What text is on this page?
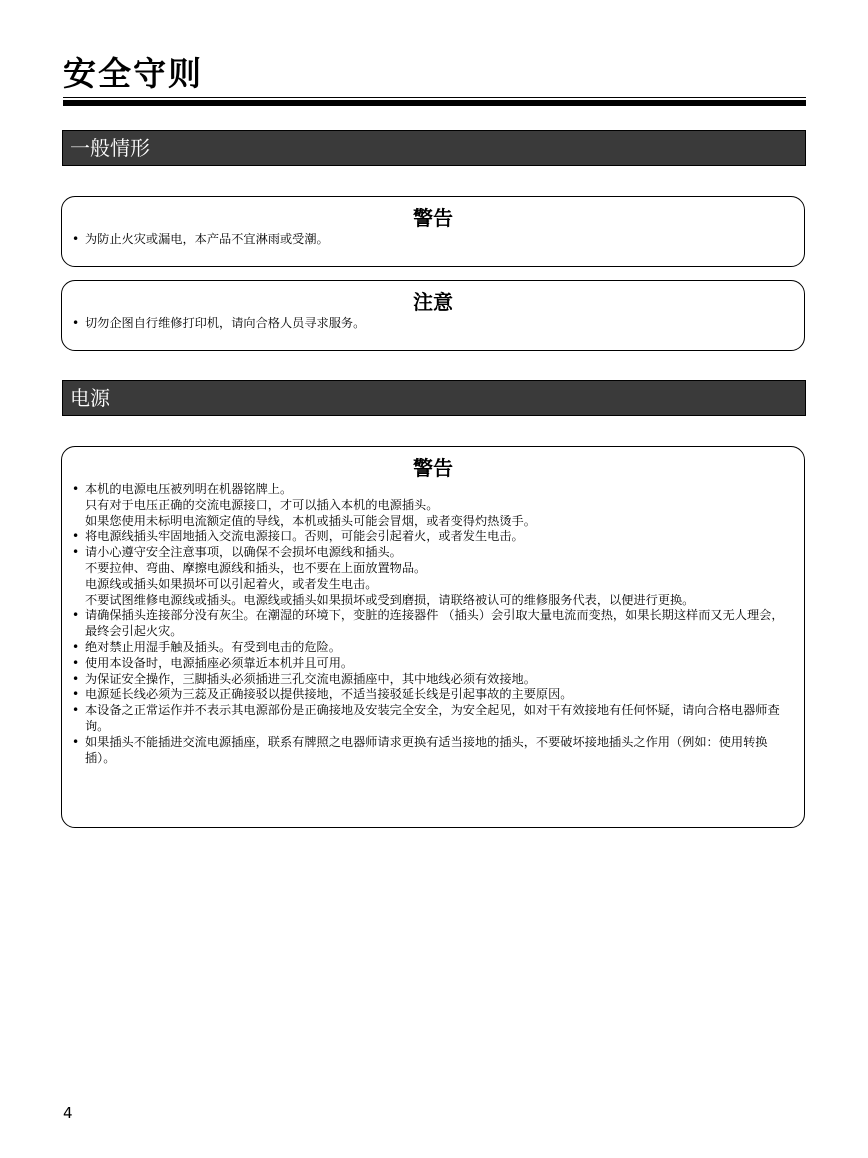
安全守则
一般情形
警告
• 为防止火灾或漏电，本产品不宜淋雨或受潮。
注意
• 切勿企图自行维修打印机，请向合格人员寻求服务。
电源
警告
• 本机的电源电压被列明在机器铭牌上。
只有对于电压正确的交流电源接口，才可以插入本机的电源插头。
如果您使用未标明电流额定值的导线，本机或插头可能会冒烟，或者变得灼热烫手。
• 将电源线插头牢固地插入交流电源接口。否则，可能会引起着火，或者发生电击。
• 请小心遵守安全注意事项，以确保不会损坏电源线和插头。
不要拉伸、弯曲、摩擦电源线和插头，也不要在上面放置物品。
电源线或插头如果损坏可以引起着火，或者发生电击。
不要试图维修电源线或插头。电源线或插头如果损坏或受到磨损，请联络被认可的维修服务代表，以便进行更换。
• 请确保插头连接部分没有灰尘。在潮湿的环境下，变脏的连接器件 （插头）会引取大量电流而变热，如果长期这样而又无人理会，最终会引起火灾。
• 绝对禁止用湿手触及插头。有受到电击的危险。
• 使用本设备时，电源插座必须靠近本机并且可用。
• 为保证安全操作，三脚插头必须插进三孔交流电源插座中，其中地线必须有效接地。
• 电源延长线必须为三蕊及正确接驳以提供接地，不适当接驳延长线是引起事故的主要原因。
• 本设备之正常运作并不表示其电源部份是正确接地及安装完全安全，为安全起见，如对干有效接地有任何怀疑，请向合格电器师查询。
• 如果插头不能插进交流电源插座，联系有牌照之电器师请求更换有适当接地的插头，不要破坏接地插头之作用（例如：使用转换插）。
4
